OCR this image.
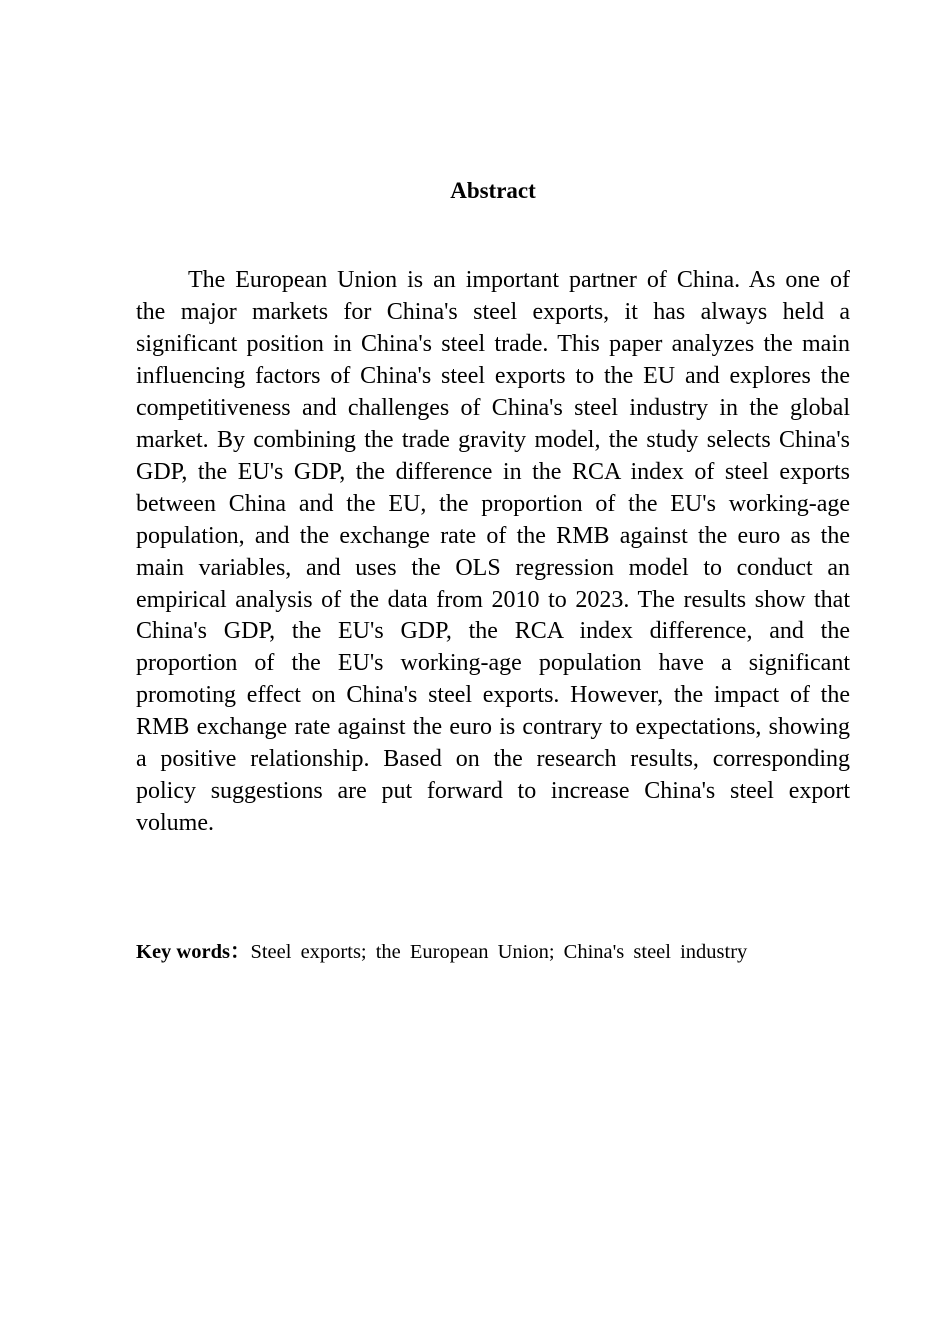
Abstract

The European Union is an important partner of China. As one of the major markets for China's steel exports, it has always held a significant position in China's steel trade. This paper analyzes the main influencing factors of China's steel exports to the EU and explores the competitiveness and challenges of China's steel industry in the global market. By combining the trade gravity model, the study selects China's GDP, the EU's GDP, the difference in the RCA index of steel exports between China and the EU, the proportion of the EU's working-age population, and the exchange rate of the RMB against the euro as the main variables, and uses the OLS regression model to conduct an empirical analysis of the data from 2010 to 2023. The results show that China's GDP, the EU's GDP, the RCA index difference, and the proportion of the EU's working-age population have a significant promoting effect on China's steel exports. However, the impact of the RMB exchange rate against the euro is contrary to expectations, showing a positive relationship. Based on the research results, corresponding policy suggestions are put forward to increase China's steel export volume.

Key words：Steel exports; the European Union; China's steel industry
